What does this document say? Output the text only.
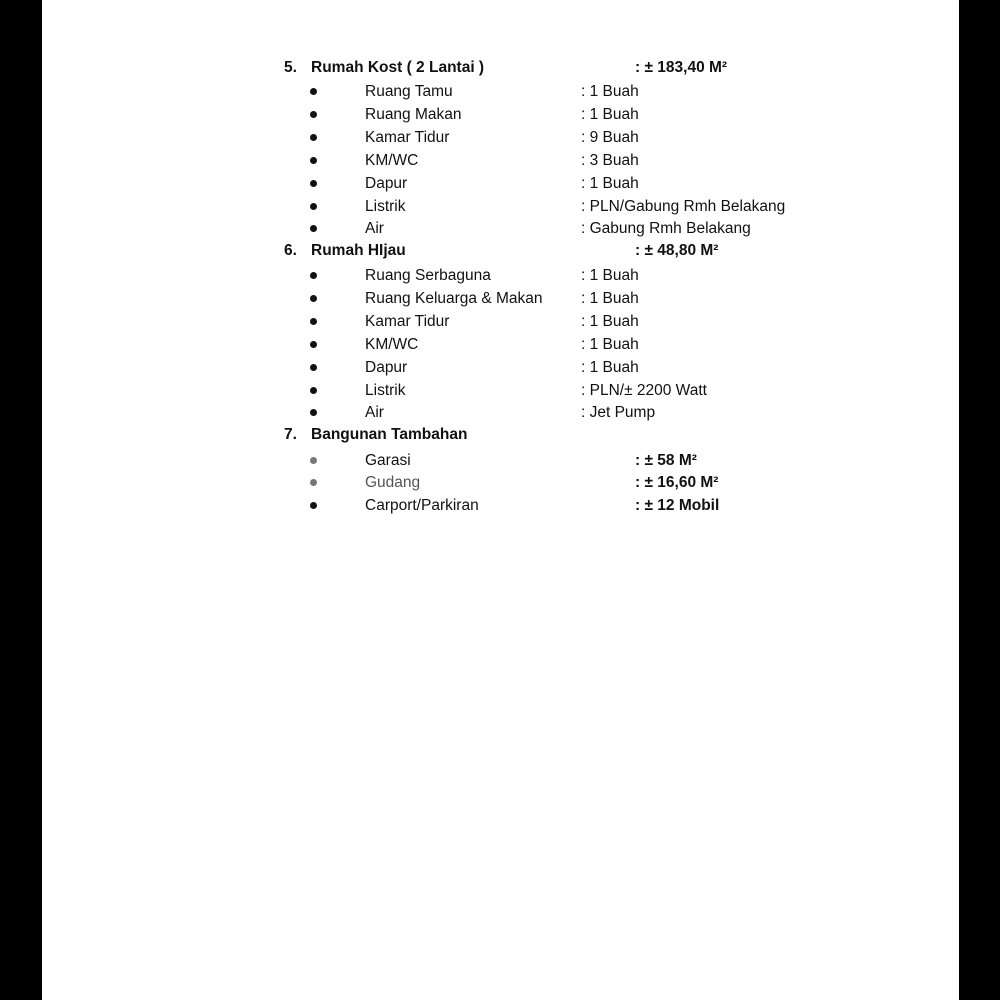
5. Rumah Kost ( 2 Lantai )	: ± 183,40 M²
Ruang Tamu	: 1 Buah
Ruang Makan	: 1 Buah
Kamar Tidur	: 9 Buah
KM/WC	: 3 Buah
Dapur	: 1 Buah
Listrik	: PLN/Gabung Rmh Belakang
Air	: Gabung Rmh Belakang
6. Rumah HIjau	: ± 48,80 M²
Ruang Serbaguna	: 1 Buah
Ruang Keluarga & Makan : 1 Buah
Kamar Tidur	: 1 Buah
KM/WC	: 1 Buah
Dapur	: 1 Buah
Listrik	: PLN/± 2200 Watt
Air	: Jet Pump
7. Bangunan Tambahan
Garasi	: ± 58 M²
Gudang	: ± 16,60 M²
Carport/Parkiran	: ± 12 Mobil
